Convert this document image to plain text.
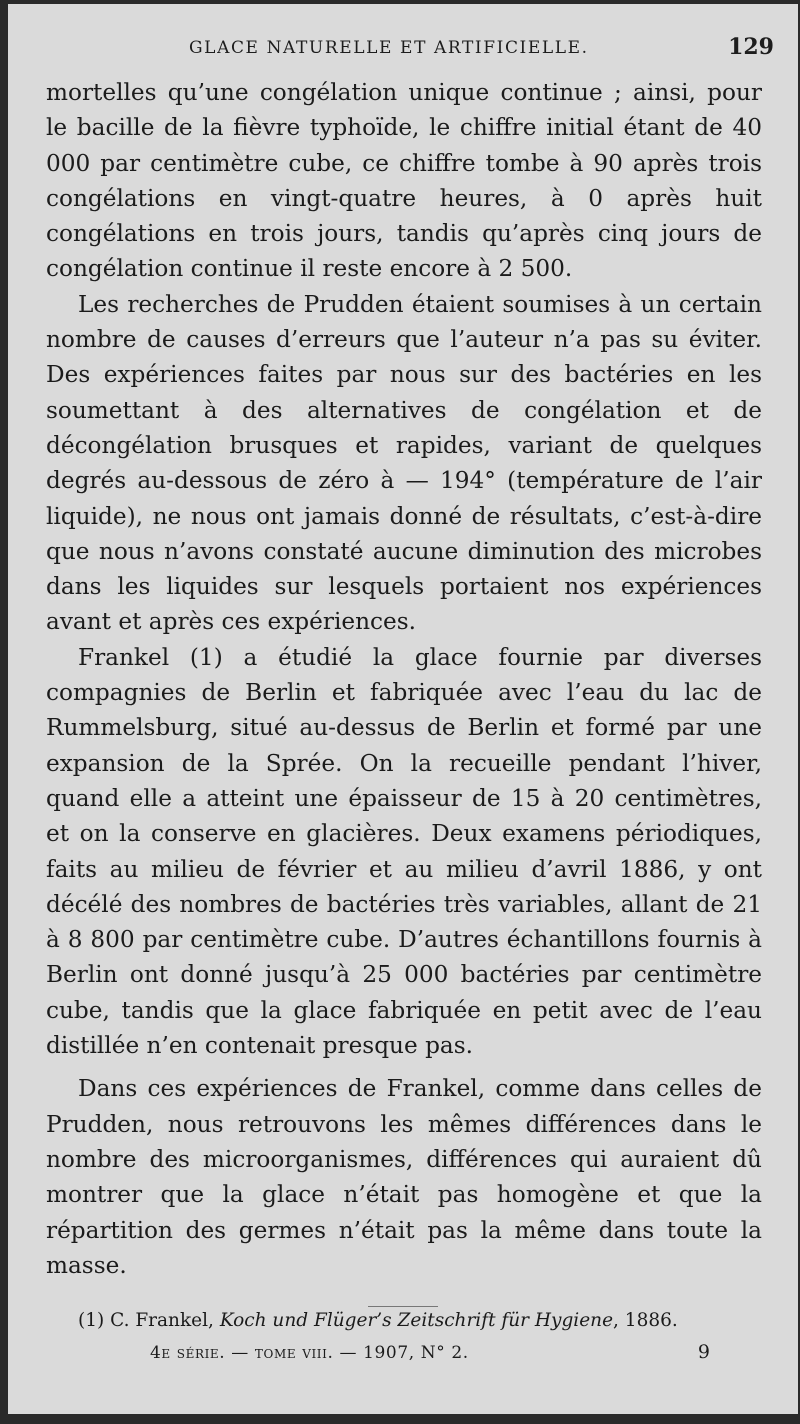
GLACE NATURELLE ET ARTIFICIELLE.	129

mortelles qu’une congélation unique continue ; ainsi, pour le bacille de la fièvre typhoïde, le chiffre initial étant de 40 000 par centimètre cube, ce chiffre tombe à 90 après trois congélations en vingt-quatre heures, à 0 après huit congélations en trois jours, tandis qu’après cinq jours de congélation continue il reste encore à 2 500.

Les recherches de Prudden étaient soumises à un certain nombre de causes d’erreurs que l’auteur n’a pas su éviter. Des expériences faites par nous sur des bactéries en les soumettant à des alternatives de congélation et de décongélation brusques et rapides, variant de quelques degrés au-dessous de zéro à — 194° (température de l’air liquide), ne nous ont jamais donné de résultats, c’est-à-dire que nous n’avons constaté aucune diminution des microbes dans les liquides sur lesquels portaient nos expériences avant et après ces expériences.

Frankel (1) a étudié la glace fournie par diverses compagnies de Berlin et fabriquée avec l’eau du lac de Rummelsburg, situé au-dessus de Berlin et formé par une expansion de la Sprée. On la recueille pendant l’hiver, quand elle a atteint une épaisseur de 15 à 20 centimètres, et on la conserve en glacières. Deux examens périodiques, faits au milieu de février et au milieu d’avril 1886, y ont décélé des nombres de bactéries très variables, allant de 21 à 8 800 par centimètre cube. D’autres échantillons fournis à Berlin ont donné jusqu’à 25 000 bactéries par centimètre cube, tandis que la glace fabriquée en petit avec de l’eau distillée n’en contenait presque pas.

Dans ces expériences de Frankel, comme dans celles de Prudden, nous retrouvons les mêmes différences dans le nombre des microorganismes, différences qui auraient dû montrer que la glace n’était pas homogène et que la répartition des germes n’était pas la même dans toute la masse.

(1) C. Frankel, Koch und Flüger’s Zeitschrift für Hygiene, 1886.
4e série. — tome viii. — 1907, N° 2.	9
